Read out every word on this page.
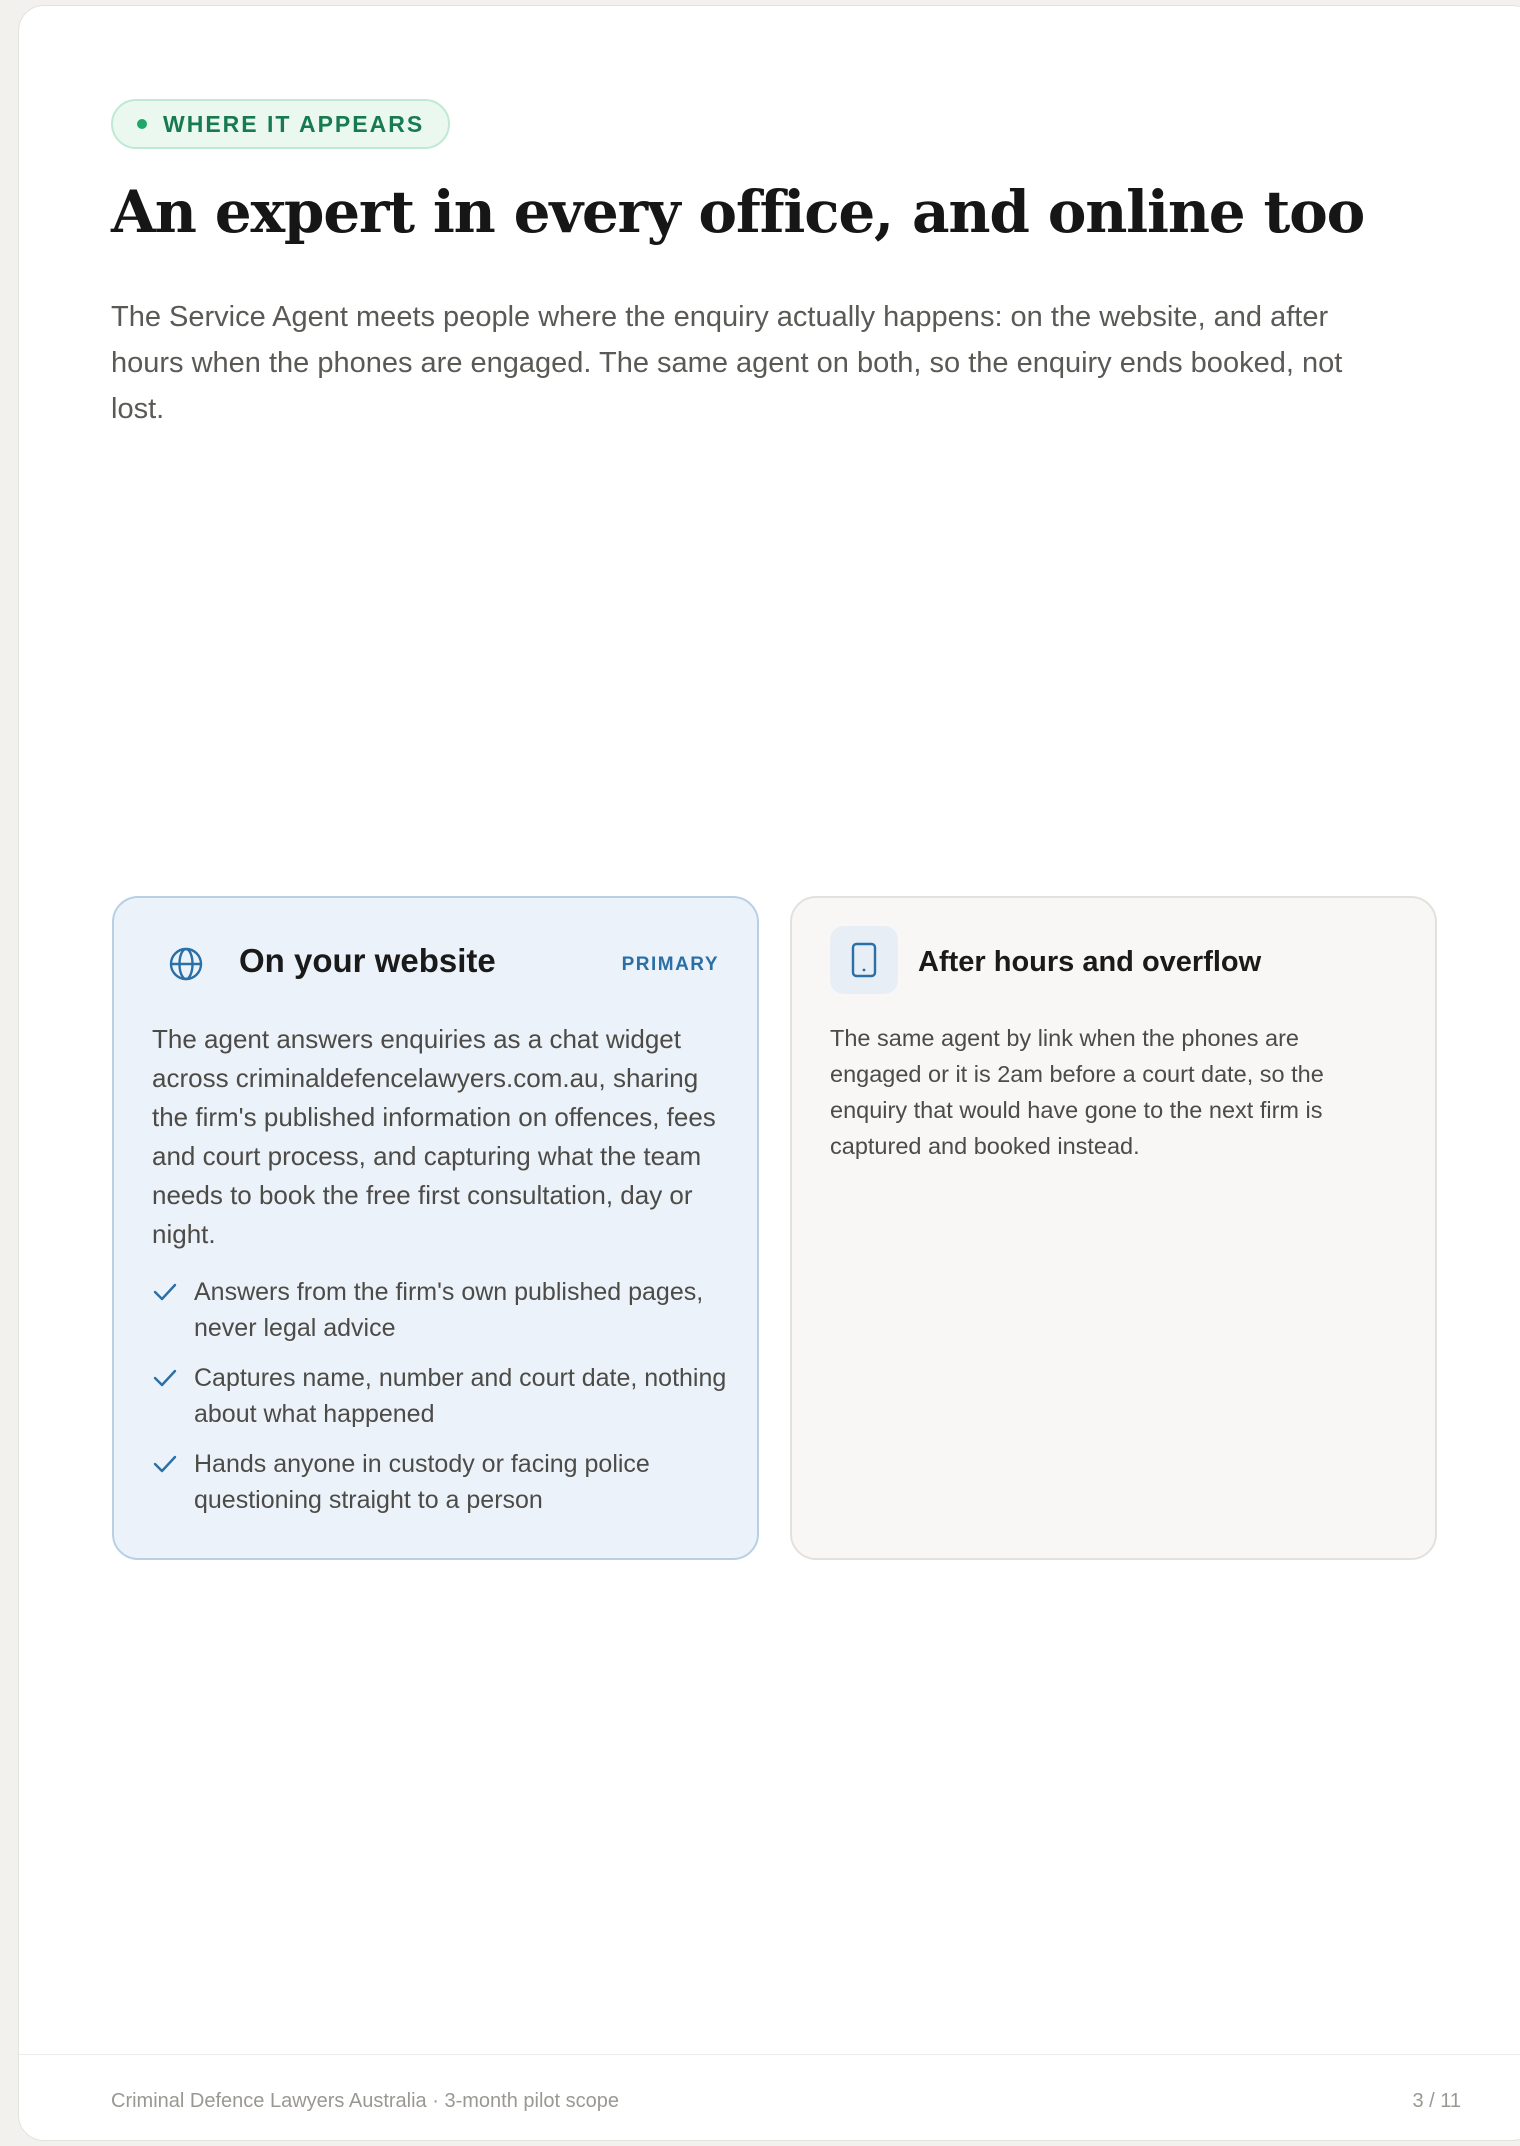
WHERE IT APPEARS
An expert in every office, and online too

The Service Agent meets people where the enquiry actually happens: on the website, and after hours when the phones are engaged. The same agent on both, so the enquiry ends booked, not lost.

On your website	PRIMARY

The agent answers enquiries as a chat widget across criminaldefencelawyers.com.au, sharing the firm's published information on offences, fees and court process, and capturing what the team needs to book the free first consultation, day or night.

Answers from the firm's own published pages, never legal advice
Captures name, number and court date, nothing about what happened
Hands anyone in custody or facing police questioning straight to a person
After hours and overflow

The same agent by link when the phones are engaged or it is 2am before a court date, so the enquiry that would have gone to the next firm is captured and booked instead.

Criminal Defence Lawyers Australia · 3-month pilot scope	3 / 11
